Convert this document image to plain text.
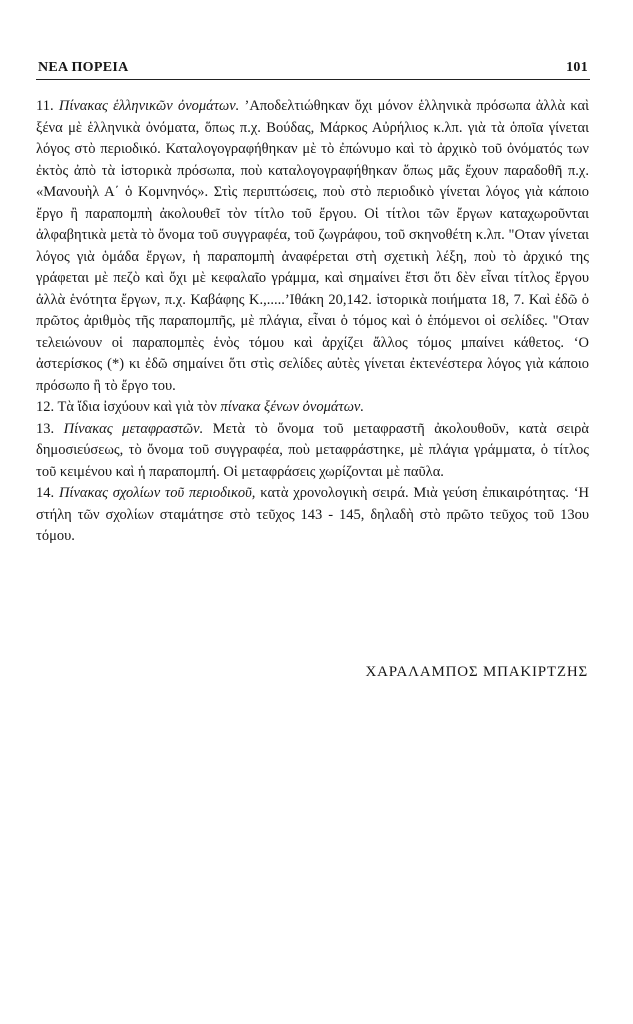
ΝΕΑ ΠΟΡΕΙΑ	101

11. Πίνακας ἑλληνικῶν ὀνομάτων. ’Αποδελτιώθηκαν ὄχι μόνον ἑλληνικὰ πρόσωπα ἀλλὰ καὶ ξένα μὲ ἑλληνικὰ ὀνόματα, ὅπως π.χ. Βούδας, Μάρκος Αὐρήλιος κ.λπ. γιὰ τὰ ὁποῖα γίνεται λόγος στὸ περιοδικό. Καταλογογραφήθηκαν μὲ τὸ ἐπώνυμο καὶ τὸ ἀρχικὸ τοῦ ὀνόματός των ἐκτὸς ἀπὸ τὰ ἱστορικὰ πρόσωπα, ποὺ καταλογογραφήθηκαν ὅπως μᾶς ἔχουν παραδοθῆ π.χ. «Μανουὴλ Α΄ ὁ Κομνηνός». Στὶς περιπτώσεις, ποὺ στὸ περιοδικὸ γίνεται λόγος γιὰ κάποιο ἔργο ἢ παραπομπὴ ἀκολουθεῖ τὸν τίτλο τοῦ ἔργου. Οἱ τίτλοι τῶν ἔργων καταχωροῦνται ἀλφαβητικὰ μετὰ τὸ ὄνομα τοῦ συγγραφέα, τοῦ ζωγράφου, τοῦ σκηνοθέτη κ.λπ. "Οταν γίνεται λόγος γιὰ ὁμάδα ἔργων, ἡ παραπομπὴ ἀναφέρεται στὴ σχετικὴ λέξη, ποὺ τὸ ἀρχικό της γράφεται μὲ πεζὸ καὶ ὄχι μὲ κεφαλαῖο γράμμα, καὶ σημαίνει ἔτσι ὅτι δὲν εἶναι τίτλος ἔργου ἀλλὰ ἑνότητα ἔργων, π.χ. Καβάφης Κ.,.....’Ιθάκη 20,142. ἱστορικὰ ποιήματα 18, 7. Καὶ ἐδῶ ὁ πρῶτος ἀριθμὸς τῆς παραπομπῆς, μὲ πλάγια, εἶναι ὁ τόμος καὶ ὁ ἑπόμενοι οἱ σελίδες. "Οταν τελειώνουν οἱ παραπομπὲς ἑνὸς τόμου καὶ ἀρχίζει ἄλλος τόμος μπαίνει κάθετος. ‘Ο ἀστερίσκος (*) κι ἐδῶ σημαίνει ὅτι στὶς σελίδες αὐτὲς γίνεται ἐκτενέστερα λόγος γιὰ κάποιο πρόσωπο ἢ τὸ ἔργο του.

12. Τὰ ἴδια ἰσχύουν καὶ γιὰ τὸν πίνακα ξένων ὀνομάτων.

13. Πίνακας μεταφραστῶν. Μετὰ τὸ ὄνομα τοῦ μεταφραστῆ ἀκολουθοῦν, κατὰ σειρὰ δημοσιεύσεως, τὸ ὄνομα τοῦ συγγραφέα, ποὺ μεταφράστηκε, μὲ πλάγια γράμματα, ὁ τίτλος τοῦ κειμένου καὶ ἡ παραπομπή. Οἱ μεταφράσεις χωρίζονται μὲ παῦλα.

14. Πίνακας σχολίων τοῦ περιοδικοῦ, κατὰ χρονολογικὴ σειρά. Μιὰ γεύση ἐπικαιρότητας. ‘Η στήλη τῶν σχολίων σταμάτησε στὸ τεῦχος 143 - 145, δηλαδὴ στὸ πρῶτο τεῦχος τοῦ 13ου τόμου.

ΧΑΡΑΛΑΜΠΟΣ ΜΠΑΚΙΡΤΖΗΣ
